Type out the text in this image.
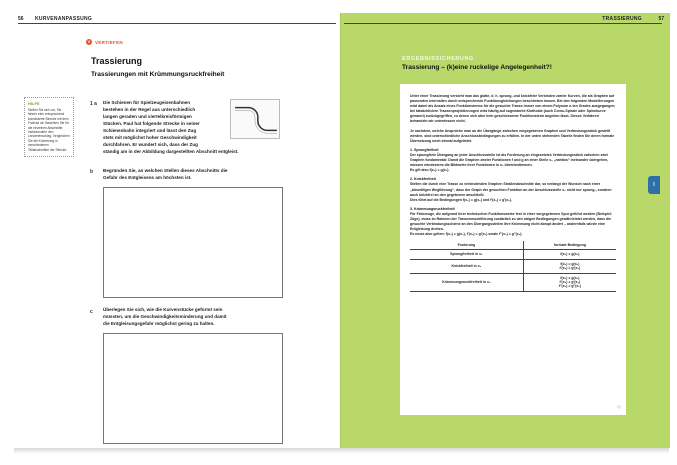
56 KURVENANPASSUNG
V	VERTIEFEN
Trassierung
Trassierungen mit Krümmungsruckfreiheit
HILFE
Stellen Sie sich vor, Sie fahren eine entsprechend konstruierte Strecke mit dem Fahrrad ab. Beachten Sie für die einzelnen Abschnitte insbesondere den Lenkereinschlag. Vergleichen Sie die Krümmung in verschiedenen Teilabschnitten der Strecke.
1 a Die Schienen für Spielzeugeisenbahnen
bestehen in der Regel aus unterschiedlich
langen geraden und viertelkreisförmigen
Stücken. Paul hat folgende Strecke in seiner
Schienenbahn integriert und lässt den Zug
stets mit möglichst hoher Geschwindigkeit
durchfahren. Er wundert sich, dass der Zug
ständig am in der Abbildung dargestellten Abschnitt entgleist.
b Begründen Sie, an welchen Stellen dieses Abschnitts die
Gefahr des Entgleisens am höchsten ist.
c Überlegen Sie sich, wie die Kurvenstücke geformt sein
müssten, um die Geschwindigkeitsminderung und damit
die Entgleisungsgefahr möglichst gering zu halten.
TRASSIERUNG	57
ERGEBNISSICHERUNG
Trassierung – (k)eine ruckelige Angelegenheit?!

Unter einer Trassierung versteht man das glatte, d. h. sprung- und knickfreie Verbinden zweier Kurven, die als Graphen auf passenden Intervallen durch entsprechende Funktionsgleichungen beschrieben lassen. Bei den folgenden Modellierungen wird dabei als Ansatz eines Funktionsterms für die gesuchte Trasse immer von einem Polynom n-ten Grades ausgegangen; bei tatsächlichen Trassenprojektierungen wird häufig auf sogenannte Klothoide (auch Cornu-Spirale oder Spinnkurve genannt) zurückgegriffen, zu denen sich aber kein geschlossener Funktionsterm angeben lässt. Dieses Verfahren behandeln wir unterdessen nicht.

Je nachdem, welche Ansprüche man an die Übergänge zwischen vorgegebenen Graphen und Verbindungsstück gestellt werden, sind unterschiedliche Anschlussbedingungen zu erfüllen. In der unten stehenden Tabelle finden Sie deren formale Übersetzung noch einmal aufgelistet.

1. Sprungfreiheit

Der sprungfreie Übergang an jeder Anschlussstelle ist als Forderung an eingesetztes Verbindungsstück zwischen zwei Graphen fundamental: Damit die Graphen zweier Funktionen f und g an einer Stelle x₀ „nahtlos“ ineinander übergehen, müssen mindestens die Bildwerte ihrer Funktionen in x₀ übereinstimmen.

Es gilt also f(x₀) = g(x₀).

2. Knickfreiheit

Stellen die durch eine Trasse zu verbindenden Graphen Straßenabschnitte dar, so verlangt der Wunsch nach einer „böswilligen Wegführung“, dass der Graph der gesuchten Funktion an der Anschlussstelle x₀ nicht nur sprung-, sondern auch knickfrei an den gegebenen anschließt.

Dies führt auf die Bedingungen f(x₀) = g(x₀) und f′(x₀) = g′(x₀).

3. Krümmungsruckfreiheit

Für Fahrzeuge, die aufgrund ihrer technischen Funktionsweise fest in einer vorgegebenen Spur geführt werden (Beispiel: Züge), muss im Rahmen der Trassenmodellierung zusätzlich zu den obigen Bedingungen gewährleistet werden, dass die gesuchte Verbindungsschiene an den Übergangsstellen ihre Krümmung nicht abrupt ändert – andernfalls würde eine Entgleisung drohen.

Es muss also gelten: f(x₀) = g(x₀), f′(x₀) = g′(x₀) sowie f″(x₀) = g″(x₀).

Forderung	formale Bedingung
Sprungfreiheit in x₀	f(x₀) = g(x₀)

Knickfreiheit in x₀	f(x₀) = g(x₀)
f′(x₀) = g′(x₀)

Krümmungsruckfreiheit in x₀	f(x₀) = g(x₀)
f′(x₀) = g′(x₀)
f″(x₀) = g″(x₀)
◇
I
